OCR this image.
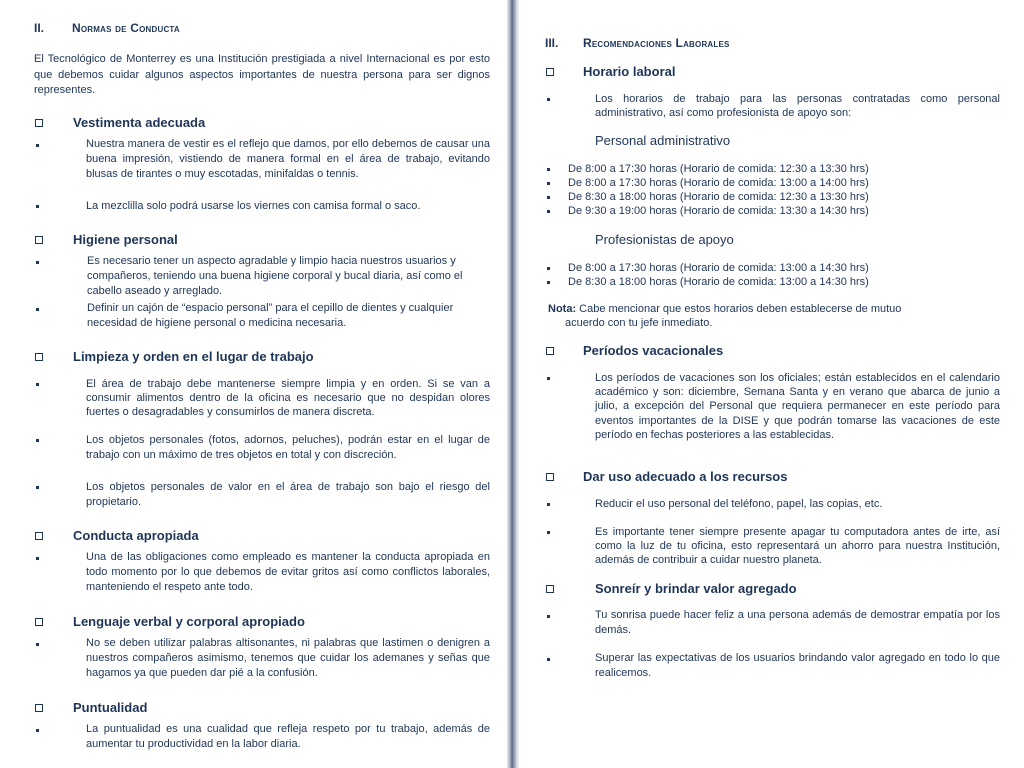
II. Normas de Conducta
El Tecnológico de Monterrey es una Institución prestigiada a nivel Internacional es por esto que debemos cuidar algunos aspectos importantes de nuestra persona para ser dignos represente​s.
Vestimenta adecuada
Nuestra manera de vestir es el reflejo que damos, por ello debemos de causar una buena impresión, vistiendo de manera formal en el área de trabajo, evitando blusas de tirantes o muy escotadas, minifaldas o tennis.
La mezclilla solo podrá usarse los viernes con camisa formal o saco.
Higiene personal
Es necesario tener un aspecto agradable y limpio hacia nuestros usuarios y compañeros, teniendo una buena higiene corporal y bucal diaria, así como el cabello aseado y arreglado.
Definir un cajón de “espacio personal” para el cepillo de dientes y cualquier necesidad de higiene personal o medicina necesaria.
Limpieza y orden en el lugar de trabajo
El área de trabajo debe mantenerse siempre limpia y en orden. Si se van a consumir alimentos dentro de la oficina es necesario que no despidan olores fuertes o desagradables y consumirlos de manera discreta.
Los objetos personales (fotos, adornos, peluches), podrán estar en el lugar de trabajo con un máximo de tres objetos en total y con discreción.
Los objetos personales de valor en el área de trabajo son bajo el riesgo del propietario.
Conducta apropiada
Una de las obligaciones como empleado es mantener la conducta apropiada en todo momento por lo que debemos de evitar gritos así como conflictos laborales, manteniendo el respeto ante todo.
Lenguaje verbal y corporal apropiado
No se deben utilizar palabras altisonantes, ni palabras que lastimen o denigren a nuestros compañeros asimismo, tenemos que cuidar los ademanes y señas que hagamos ya que pueden dar pié a la confusión.
Puntualidad
La puntualidad es una cualidad que refleja respeto por tu trabajo, además de aumentar tu productividad en la labor diaria.
III. Recomendaciones Laborales
Horario laboral
Los horarios de trabajo para las personas contratadas como personal administrativo, así como profesionista de apoyo son:
Personal administrativo
De 8:00 a 17:30 horas (Horario de comida: 12:30 a 13:30 hrs)
De 8:00 a 17:30 horas (Horario de comida: 13:00 a 14:00 hrs)
De 8:30 a 18:00 horas (Horario de comida: 12:30 a 13:30 hrs)
De 9:30 a 19:00 horas (Horario de comida: 13:30 a 14:30 hrs)
Profesionistas de apoyo
De 8:00 a 17:30 horas (Horario de comida: 13:00 a 14:30 hrs)
De 8:30 a 18:00 horas (Horario de comida: 13:00 a 14:30 hrs)
Nota: Cabe mencionar que estos horarios deben establecerse de mutuo
acuerdo con tu jefe inmediato.
Períodos vacacionales
Los períodos de vacaciones son los oficiales; están establecidos en el calendario académico y son: diciembre, Semana Santa y en verano que abarca de junio a julio, a excepción del Personal que requiera permanecer en este período para eventos importantes de la DISE y que podrán tomarse las vacaciones de este período en fechas posteriores a las establecidas.
Dar uso adecuado a los recursos
Reducir el uso personal del teléfono, papel, las copias, etc.
Es importante tener siempre presente apagar tu computadora antes de irte, así como la luz de tu oficina, esto representará un ahorro para nuestra Institución, además de contribuir a cuidar nuestro planeta.
Sonreír y brindar valor agregado
Tu sonrisa puede hacer feliz a una persona además de demostrar empatía por los demás.
Superar las expectativas de los usuarios brindando valor agregado en todo lo que realicemos.
